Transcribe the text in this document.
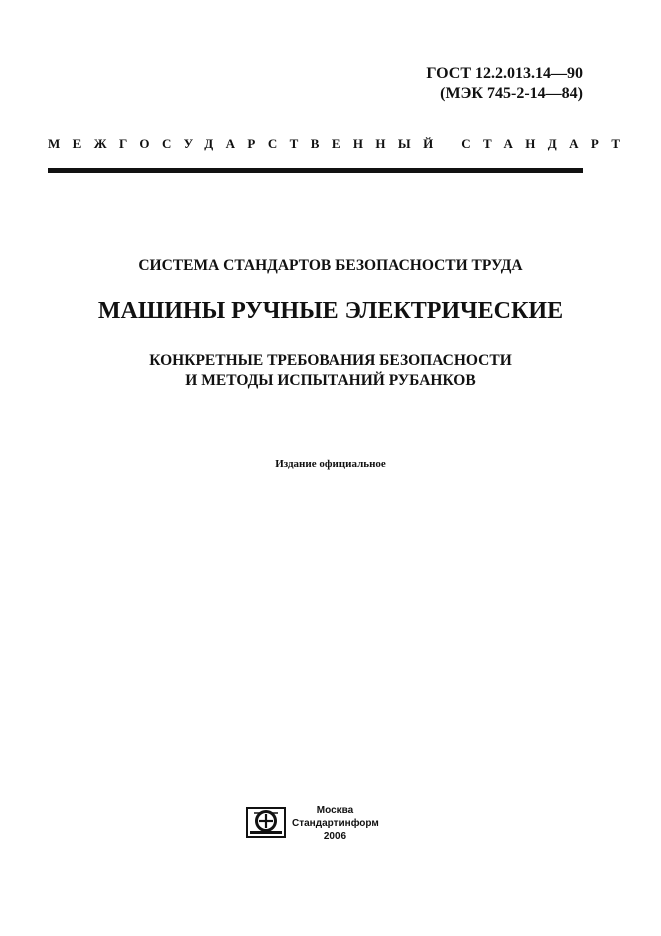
ГОСТ 12.2.013.14—90
(МЭК 745-2-14—84)
МЕЖГОСУДАРСТВЕННЫЙ СТАНДАРТ
СИСТЕМА СТАНДАРТОВ БЕЗОПАСНОСТИ ТРУДА
МАШИНЫ РУЧНЫЕ ЭЛЕКТРИЧЕСКИЕ
КОНКРЕТНЫЕ ТРЕБОВАНИЯ БЕЗОПАСНОСТИ
И МЕТОДЫ ИСПЫТАНИЙ РУБАНКОВ
Издание официальное
Москва
Стандартинформ
2006
